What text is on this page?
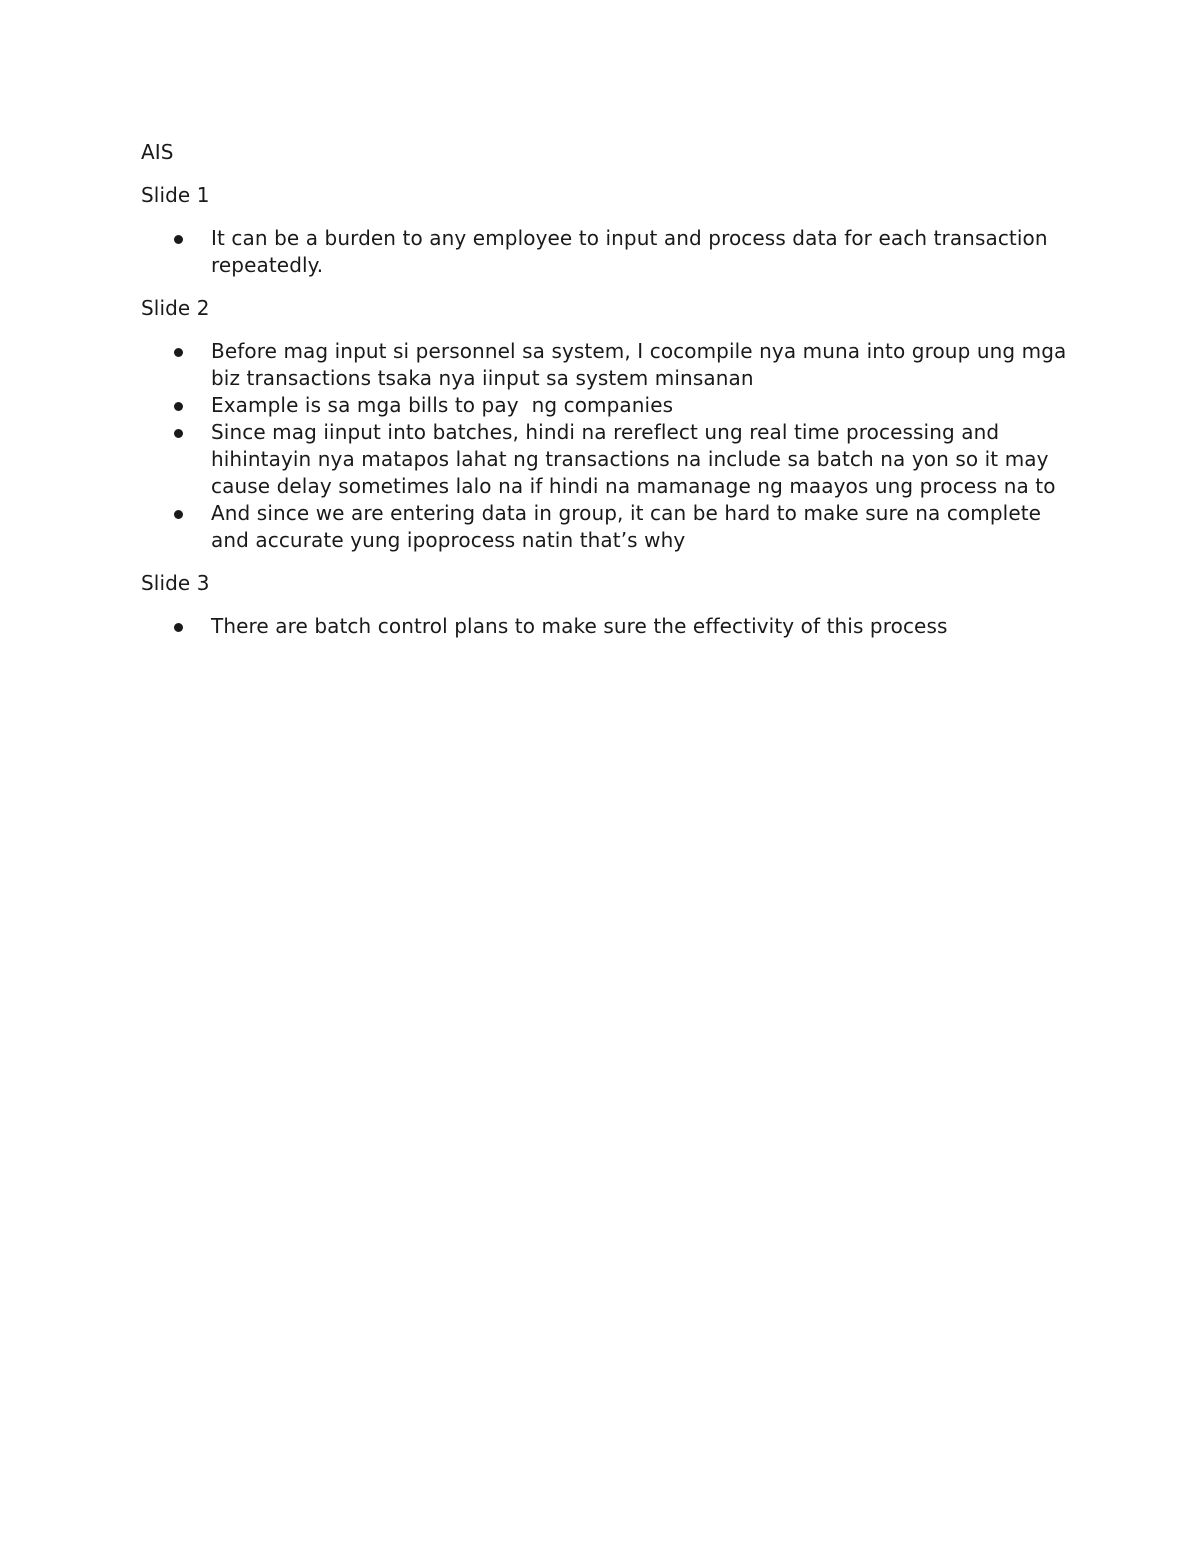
AIS
Slide 1
It can be a burden to any employee to input and process data for each transaction repeatedly.
Slide 2
Before mag input si personnel sa system, I cocompile nya muna into group ung mga biz transactions tsaka nya iinput sa system minsanan
Example is sa mga bills to pay  ng companies
Since mag iinput into batches, hindi na rereflect ung real time processing and hihintayin nya matapos lahat ng transactions na include sa batch na yon so it may cause delay sometimes lalo na if hindi na mamanage ng maayos ung process na to
And since we are entering data in group, it can be hard to make sure na complete and accurate yung ipoprocess natin that’s why
Slide 3
There are batch control plans to make sure the effectivity of this process
